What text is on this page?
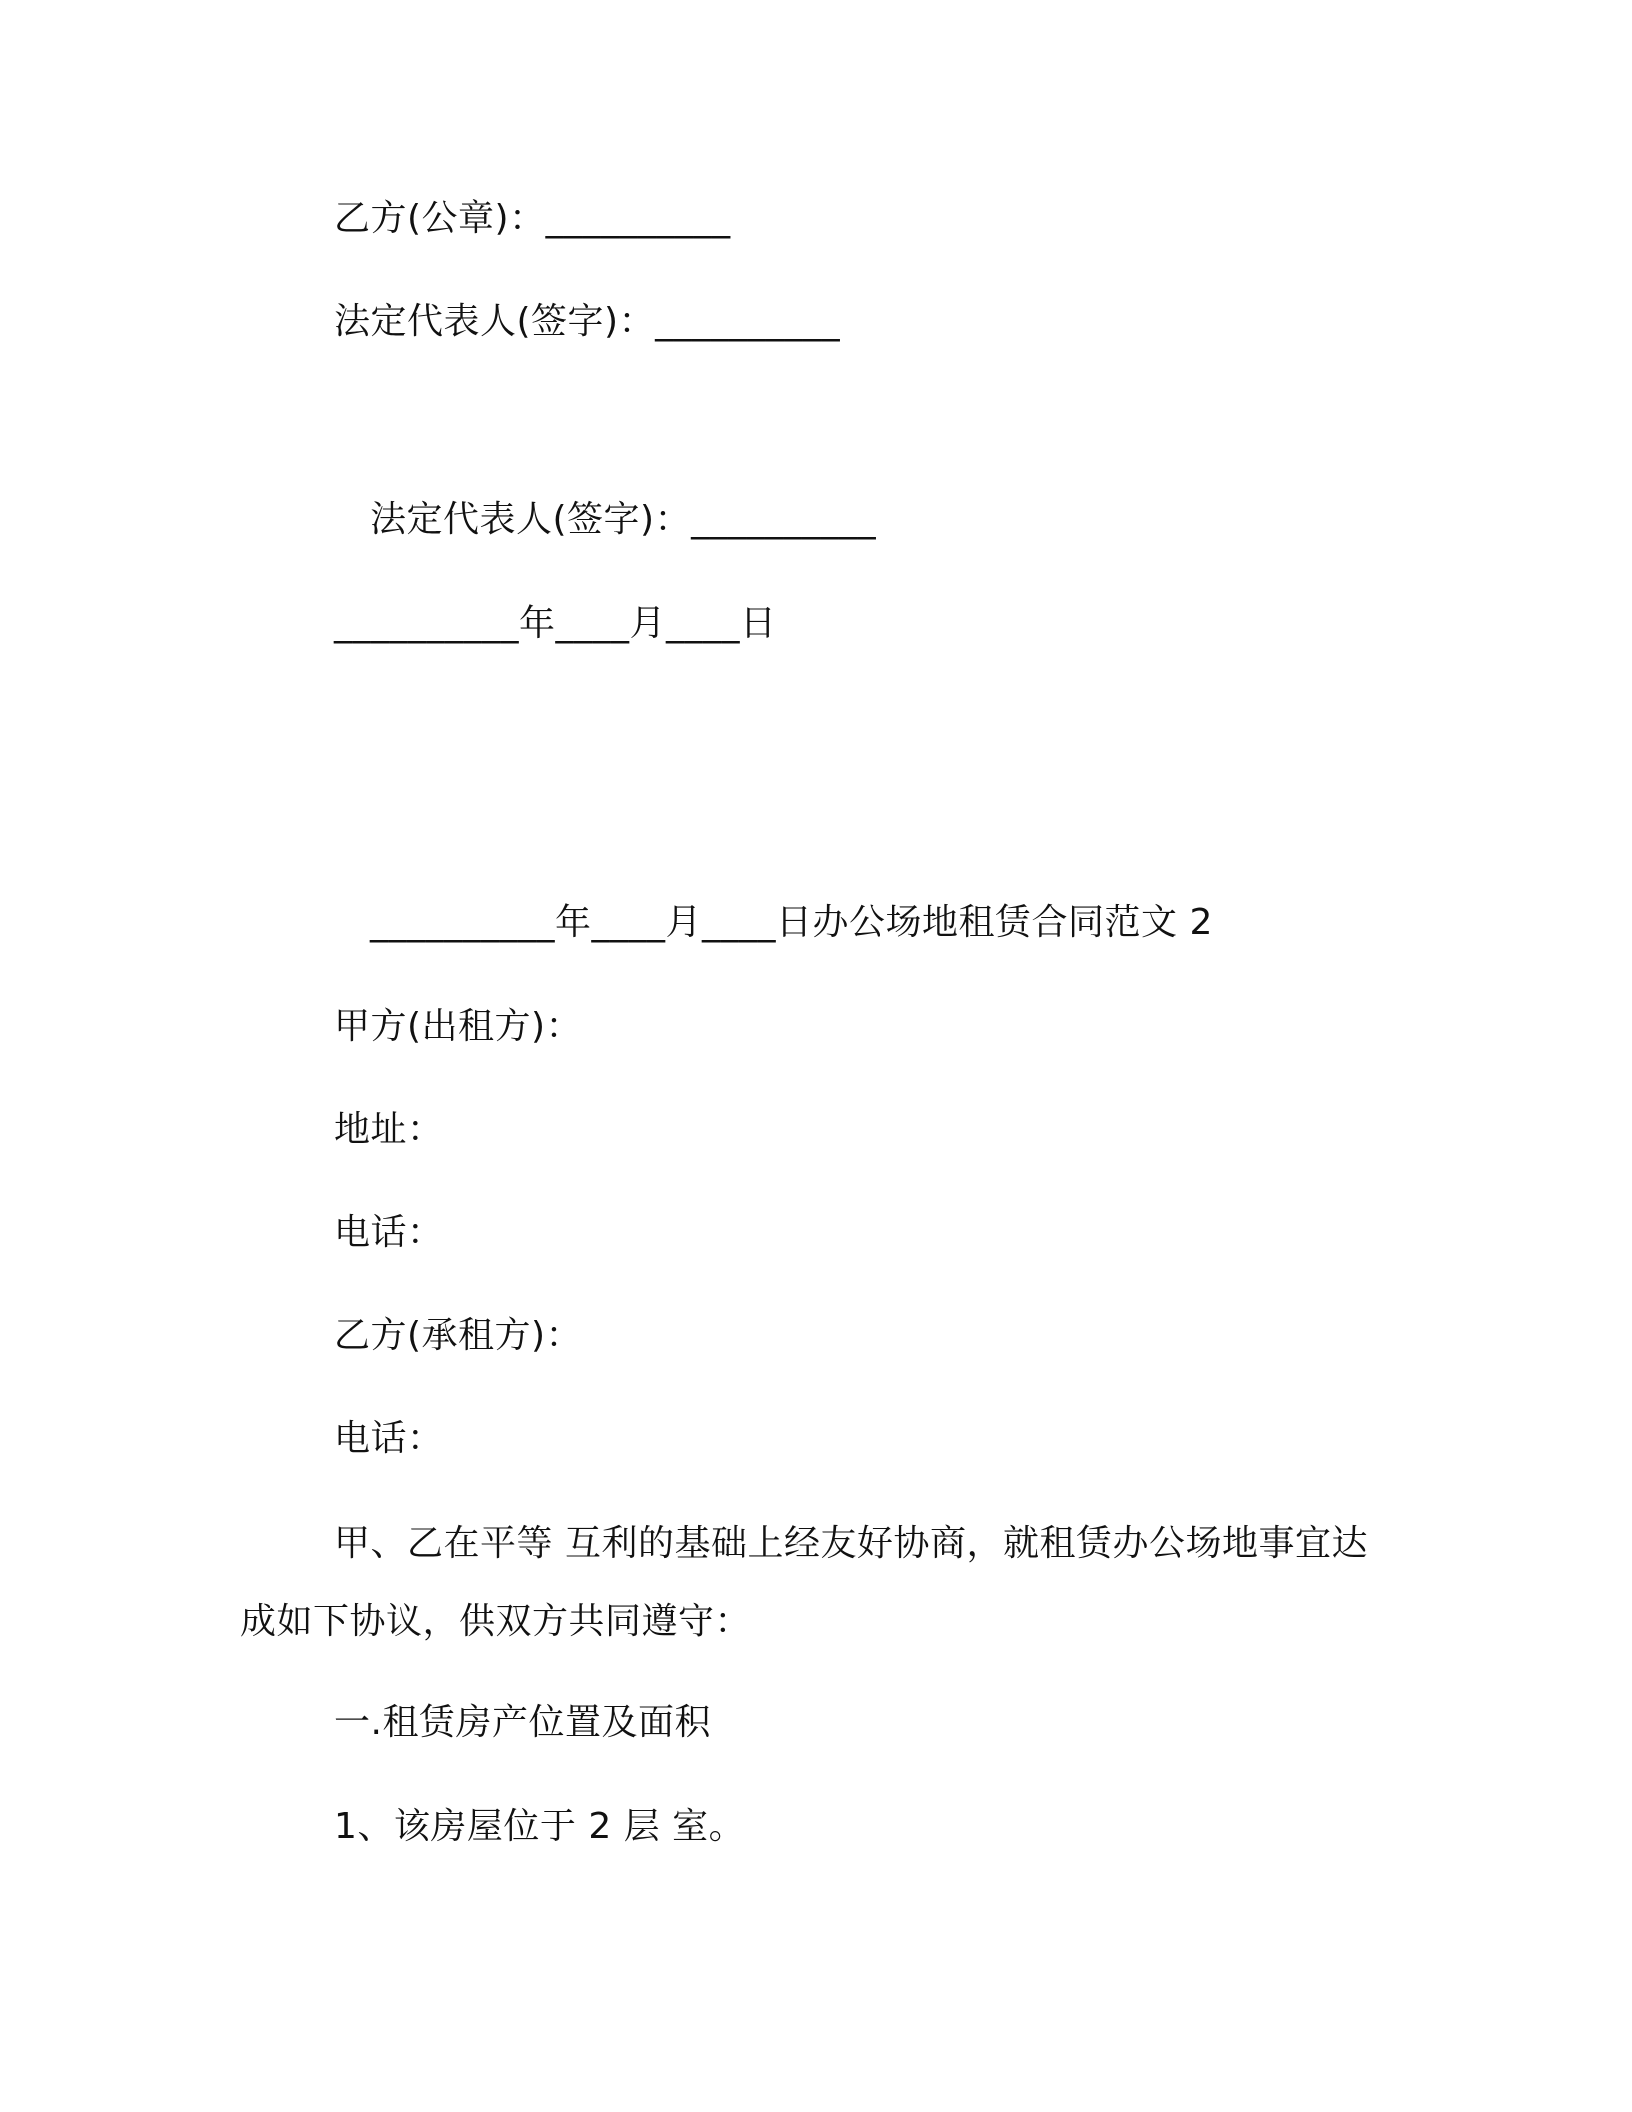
乙方(公章)：__________
法定代表人(签字)：__________
法定代表人(签字)：__________
__________年____月____日
__________年____月____日办公场地租赁合同范文 2
甲方(出租方)：
地址：
电话：
乙方(承租方)：
电话：
甲、乙在平等 互利的基础上经友好协商，就租赁办公场地事宜达成如下协议，供双方共同遵守：
一.租赁房产位置及面积
1、该房屋位于 2 层 室。
